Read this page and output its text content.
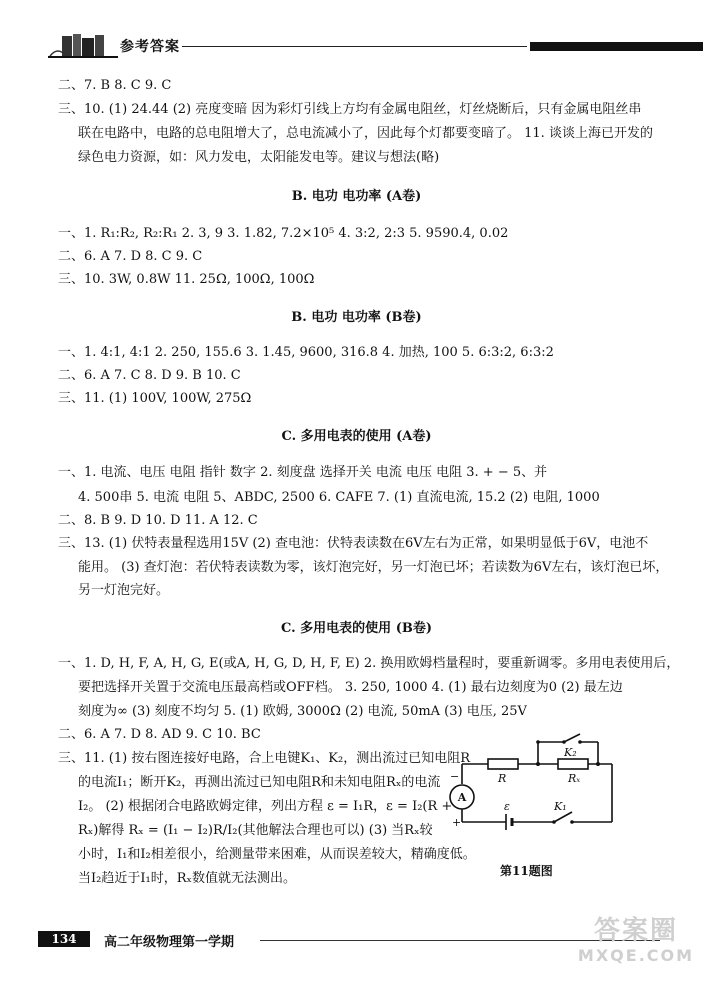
参考答案
二、7. B 8. C 9. C
三、10. (1) 24.44 (2) 亮度变暗 因为彩灯引线上方均有金属电阻丝，灯丝烧断后，只有金属电阻丝串
联在电路中，电路的总电阻增大了，总电流减小了，因此每个灯都要变暗了。 11. 谈谈上海已开发的
绿色电力资源，如：风力发电，太阳能发电等。建议与想法(略)
B. 电功 电功率 (A卷)
一、1. R₁:R₂, R₂:R₁ 2. 3, 9 3. 1.82, 7.2×10⁵ 4. 3:2, 2:3 5. 9590.4, 0.02
二、6. A 7. D 8. C 9. C
三、10. 3W, 0.8W 11. 25Ω, 100Ω, 100Ω
B. 电功 电功率 (B卷)
一、1. 4:1, 4:1 2. 250, 155.6 3. 1.45, 9600, 316.8 4. 加热, 100 5. 6:3:2, 6:3:2
二、6. A 7. C 8. D 9. B 10. C
三、11. (1) 100V, 100W, 275Ω
C. 多用电表的使用 (A卷)
一、1. 电流、电压 电阻 指针 数字 2. 刻度盘 选择开关 电流 电压 电阻 3. + − 5、并
4. 500串 5. 电流 电阻 5、ABDC, 2500 6. CAFE 7. (1) 直流电流, 15.2 (2) 电阻, 1000
二、8. B 9. D 10. D 11. A 12. C
三、13. (1) 伏特表量程选用15V (2) 查电池：伏特表读数在6V左右为正常，如果明显低于6V，电池不
能用。 (3) 查灯泡：若伏特表读数为零，该灯泡完好，另一灯泡已坏；若读数为6V左右，该灯泡已坏，
另一灯泡完好。
C. 多用电表的使用 (B卷)
一、1. D, H, F, A, H, G, E(或A, H, G, D, H, F, E) 2. 换用欧姆档量程时，要重新调零。多用电表使用后，
要把选择开关置于交流电压最高档或OFF档。 3. 250, 1000 4. (1) 最右边刻度为0 (2) 最左边
刻度为∞ (3) 刻度不均匀 5. (1) 欧姆, 3000Ω (2) 电流, 50mA (3) 电压, 25V
二、6. A 7. D 8. AD 9. C 10. BC
三、11. (1) 按右图连接好电路，合上电键K₁、K₂，测出流过已知电阻R
的电流I₁；断开K₂，再测出流过已知电阻R和未知电阻Rₓ的电流
I₂。 (2) 根据闭合电路欧姆定律，列出方程 ε = I₁R，ε = I₂(R +
Rₓ)解得 Rₓ = (I₁ − I₂)R/I₂(其他解法合理也可以) (3) 当Rₓ较
小时，I₁和I₂相差很小，给测量带来困难，从而误差较大，精确度低。
当I₂趋近于I₁时，Rₓ数值就无法测出。
A
R	Rₓ
K₂
K₁
ε
+
−
第11题图
134	高二年级物理第一学期	答案圈
MXQE.COM
